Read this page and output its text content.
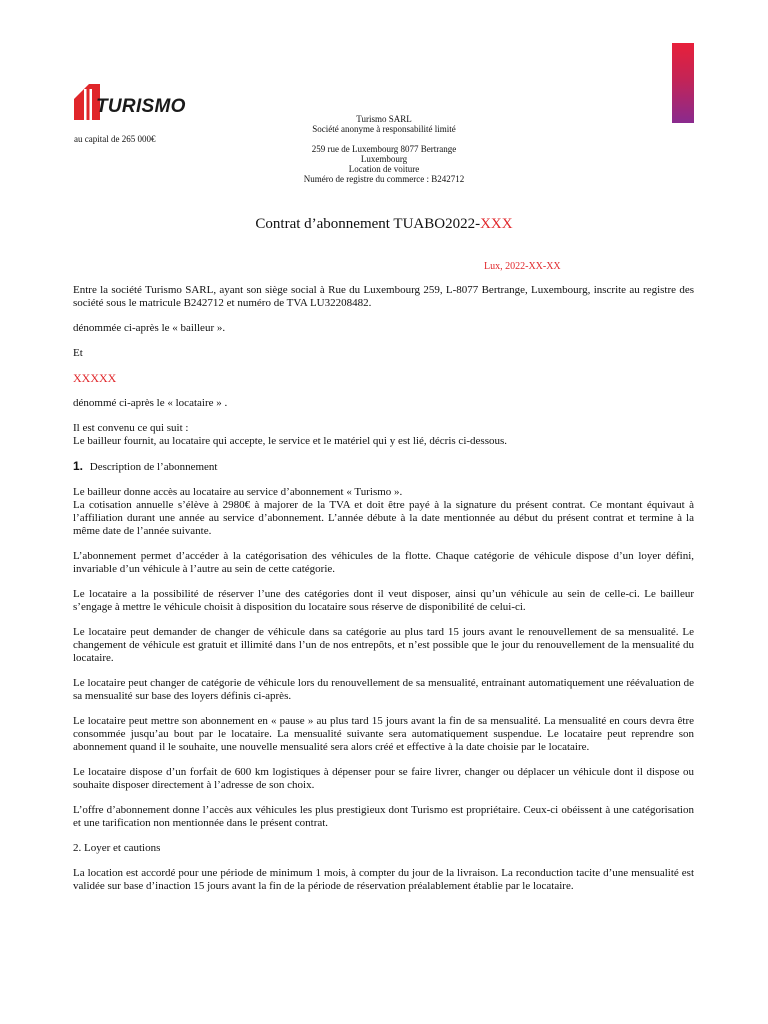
TURISMO
au capital de 265 000€
Turismo SARL
Société anonyme à responsabilité limité
259 rue de Luxembourg 8077 Bertrange
Luxembourg
Location de voiture
Numéro de registre du commerce : B242712
Contrat d’abonnement TUABO2022-XXX
Lux, 2022-XX-XX

Entre la société Turismo SARL, ayant son siège social à Rue du Luxembourg 259, L-8077 Bertrange, Luxembourg, inscrite au registre des société sous le matricule B242712 et numéro de TVA LU32208482.

dénommée ci-après le « bailleur ».

Et

XXXXX

dénommé ci-après le « locataire » .

Il est convenu ce qui suit :

Le bailleur fournit, au locataire qui accepte, le service et le matériel qui y est lié, décris ci-dessous.

1. Description de l’abonnement

Le bailleur donne accès au locataire au service d’abonnement « Turismo ».

La cotisation annuelle s’élève à 2980€ à majorer de la TVA et doit être payé à la signature du présent contrat. Ce montant équivaut à l’affiliation durant une année au service d’abonnement. L’année débute à la date mentionnée au début du présent contrat et termine à la même date de l’année suivante.

L’abonnement permet d’accéder à la catégorisation des véhicules de la flotte. Chaque catégorie de véhicule dispose d’un loyer défini, invariable d’un véhicule à l’autre au sein de cette catégorie.

Le locataire a la possibilité de réserver l’une des catégories dont il veut disposer, ainsi qu’un véhicule au sein de celle-ci. Le bailleur s’engage à mettre le véhicule choisit à disposition du locataire sous réserve de disponibilité de celui-ci.

Le locataire peut demander de changer de véhicule dans sa catégorie au plus tard 15 jours avant le renouvellement de sa mensualité. Le changement de véhicule est gratuit et illimité dans l’un de nos entrepôts, et n’est possible que le jour du renouvellement de la mensualité du locataire.

Le locataire peut changer de catégorie de véhicule lors du renouvellement de sa mensualité, entrainant automatiquement une réévaluation de sa mensualité sur base des loyers définis ci-après.

Le locataire peut mettre son abonnement en « pause » au plus tard 15 jours avant la fin de sa mensualité. La mensualité en cours devra être consommée jusqu’au bout par le locataire. La mensualité suivante sera automatiquement suspendue. Le locataire peut reprendre son abonnement quand il le souhaite, une nouvelle mensualité sera alors créé et effective à la date choisie par le locataire.

Le locataire dispose d’un forfait de 600 km logistiques à dépenser pour se faire livrer, changer ou déplacer un véhicule dont il dispose ou souhaite disposer directement à l’adresse de son choix.

L’offre d’abonnement donne l’accès aux véhicules les plus prestigieux dont Turismo est propriétaire. Ceux-ci obéissent à une catégorisation et une tarification non mentionnée dans le présent contrat.

2. Loyer et cautions

La location est accordé pour une période de minimum 1 mois, à compter du jour de la livraison. La reconduction tacite d’une mensualité est validée sur base d’inaction 15 jours avant la fin de la période de réservation préalablement établie par le locataire.
